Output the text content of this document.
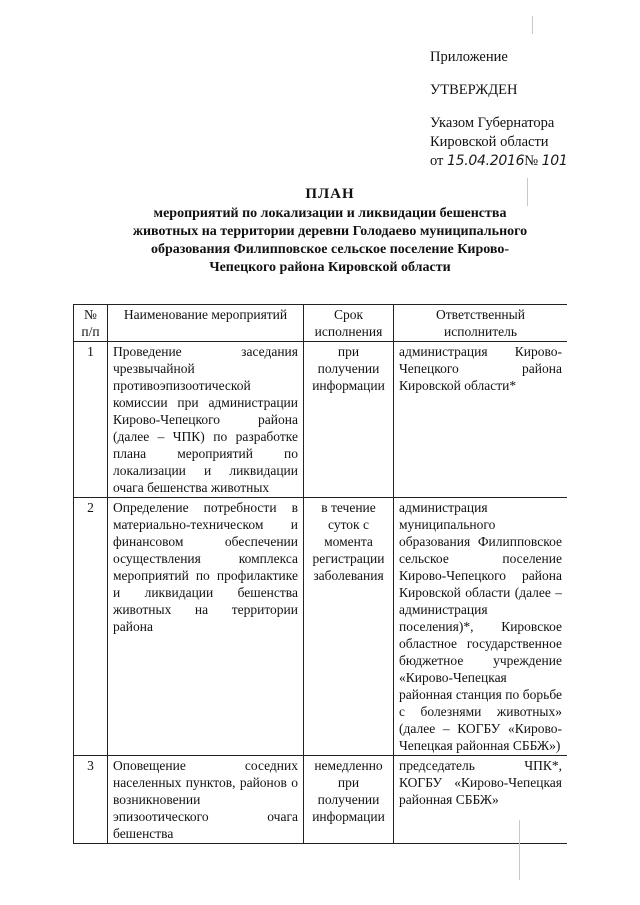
Приложение
УТВЕРЖДЕН
Указом Губернатора
Кировской области
от 15.04.2016№ 101
ПЛАН
мероприятий по локализации и ликвидации бешенства животных на территории деревни Голодаево муниципального образования Филипповское сельское поселение Кирово-Чепецкого района Кировской области
№ п/п	Наименование мероприятий	Срок исполнения	Ответственный исполнитель
1	Проведение заседания чрезвычайной противоэпизоотической комиссии при администрации Кирово-Чепецкого района (далее – ЧПК) по разработке плана мероприятий по локализации и ликвидации очага бешенства животных	при получении информации	администрация Кирово-Чепецкого района Кировской области*
2	Определение потребности в материально-техническом и финансовом обеспечении осуществления комплекса мероприятий по профилактике и ликвидации бешенства животных на территории района	в течение суток с момента регистрации заболевания	администрация муниципального образования Филипповское сельское поселение Кирово-Чепецкого района Кировской области (далее – администрация поселения)*, Кировское областное государственное бюджетное учреждение «Кирово-Чепецкая районная станция по борьбе с болезнями животных» (далее – КОГБУ «Кирово-Чепецкая районная СББЖ»)
3	Оповещение соседних населенных пунктов, районов о возникновении эпизоотического очага бешенства	немедленно при получении информации	председатель ЧПК*, КОГБУ «Кирово-Чепецкая районная СББЖ»
